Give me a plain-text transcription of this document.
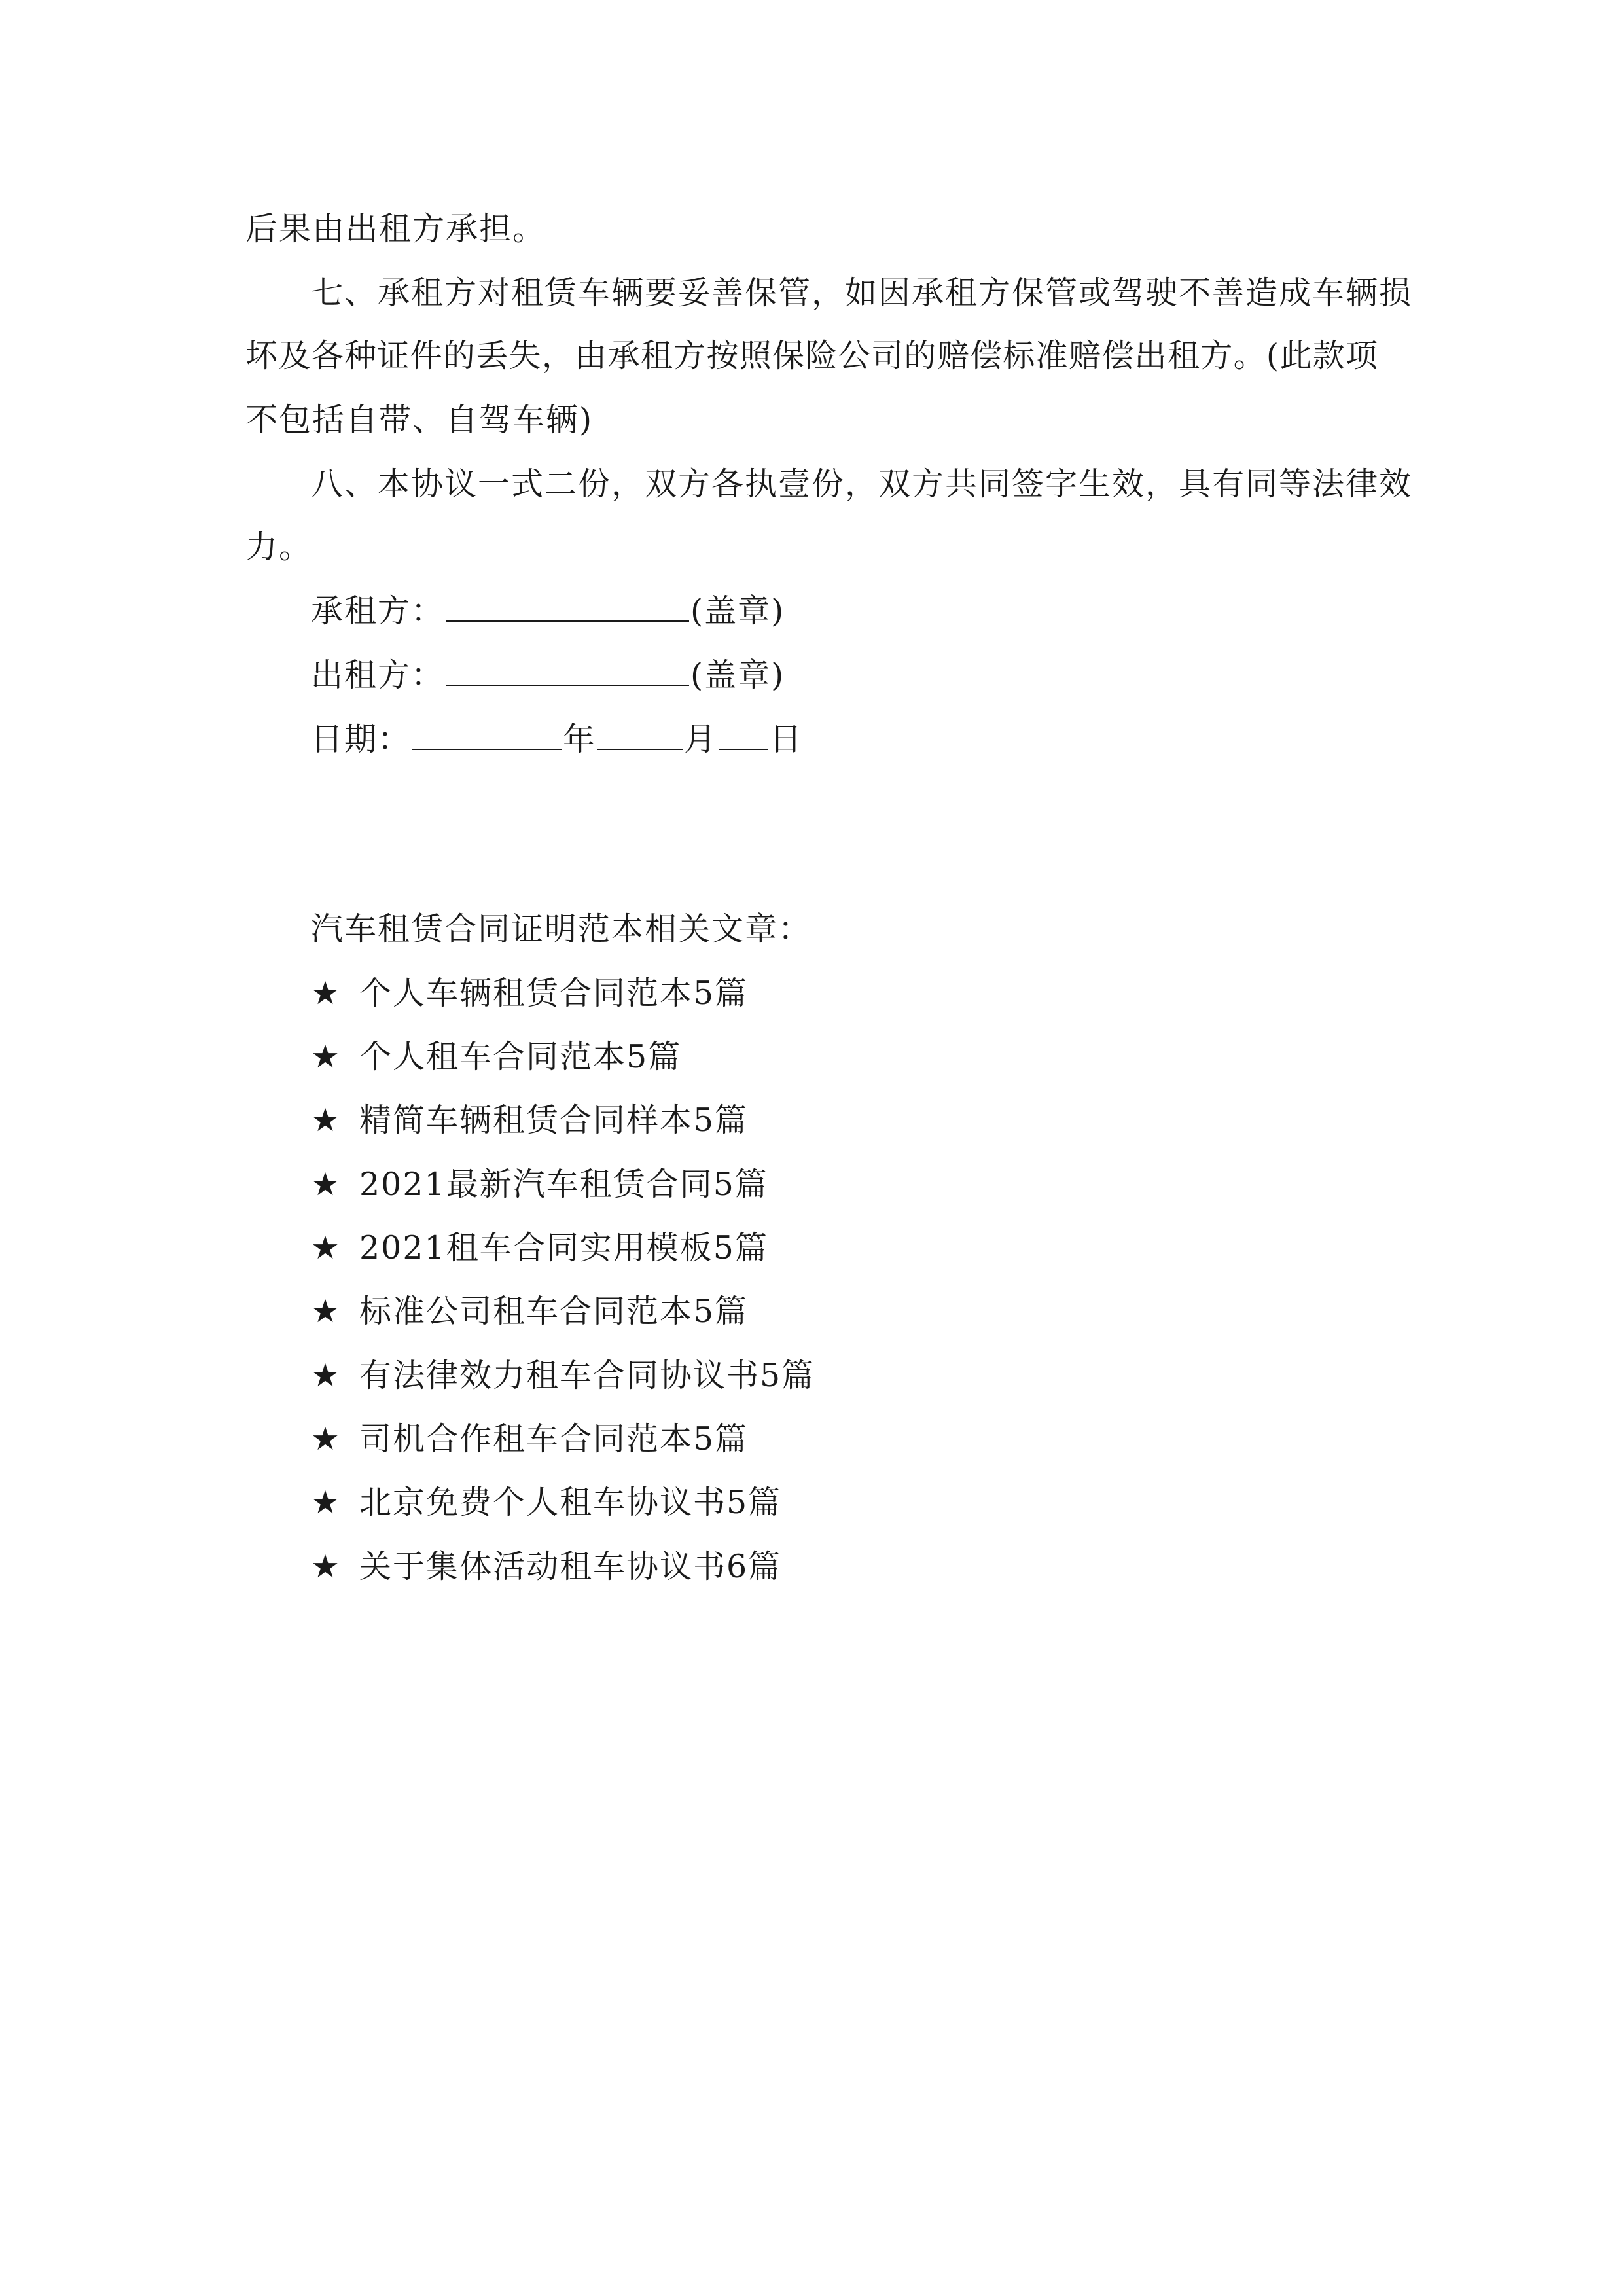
后果由出租方承担。
七、承租方对租赁车辆要妥善保管，如因承租方保管或驾驶不善造成车辆损
坏及各种证件的丢失，由承租方按照保险公司的赔偿标准赔偿出租方。(此款项
不包括自带、自驾车辆)
八、本协议一式二份，双方各执壹份，双方共同签字生效，具有同等法律效
力。
承租方：	(盖章)
出租方：	(盖章)
日期：	年	月 日
汽车租赁合同证明范本相关文章：
★ 个人车辆租赁合同范本5篇
★ 个人租车合同范本5篇
★ 精简车辆租赁合同样本5篇
★ 2021最新汽车租赁合同5篇
★ 2021租车合同实用模板5篇
★ 标准公司租车合同范本5篇
★ 有法律效力租车合同协议书5篇
★ 司机合作租车合同范本5篇
★ 北京免费个人租车协议书5篇
★ 关于集体活动租车协议书6篇
